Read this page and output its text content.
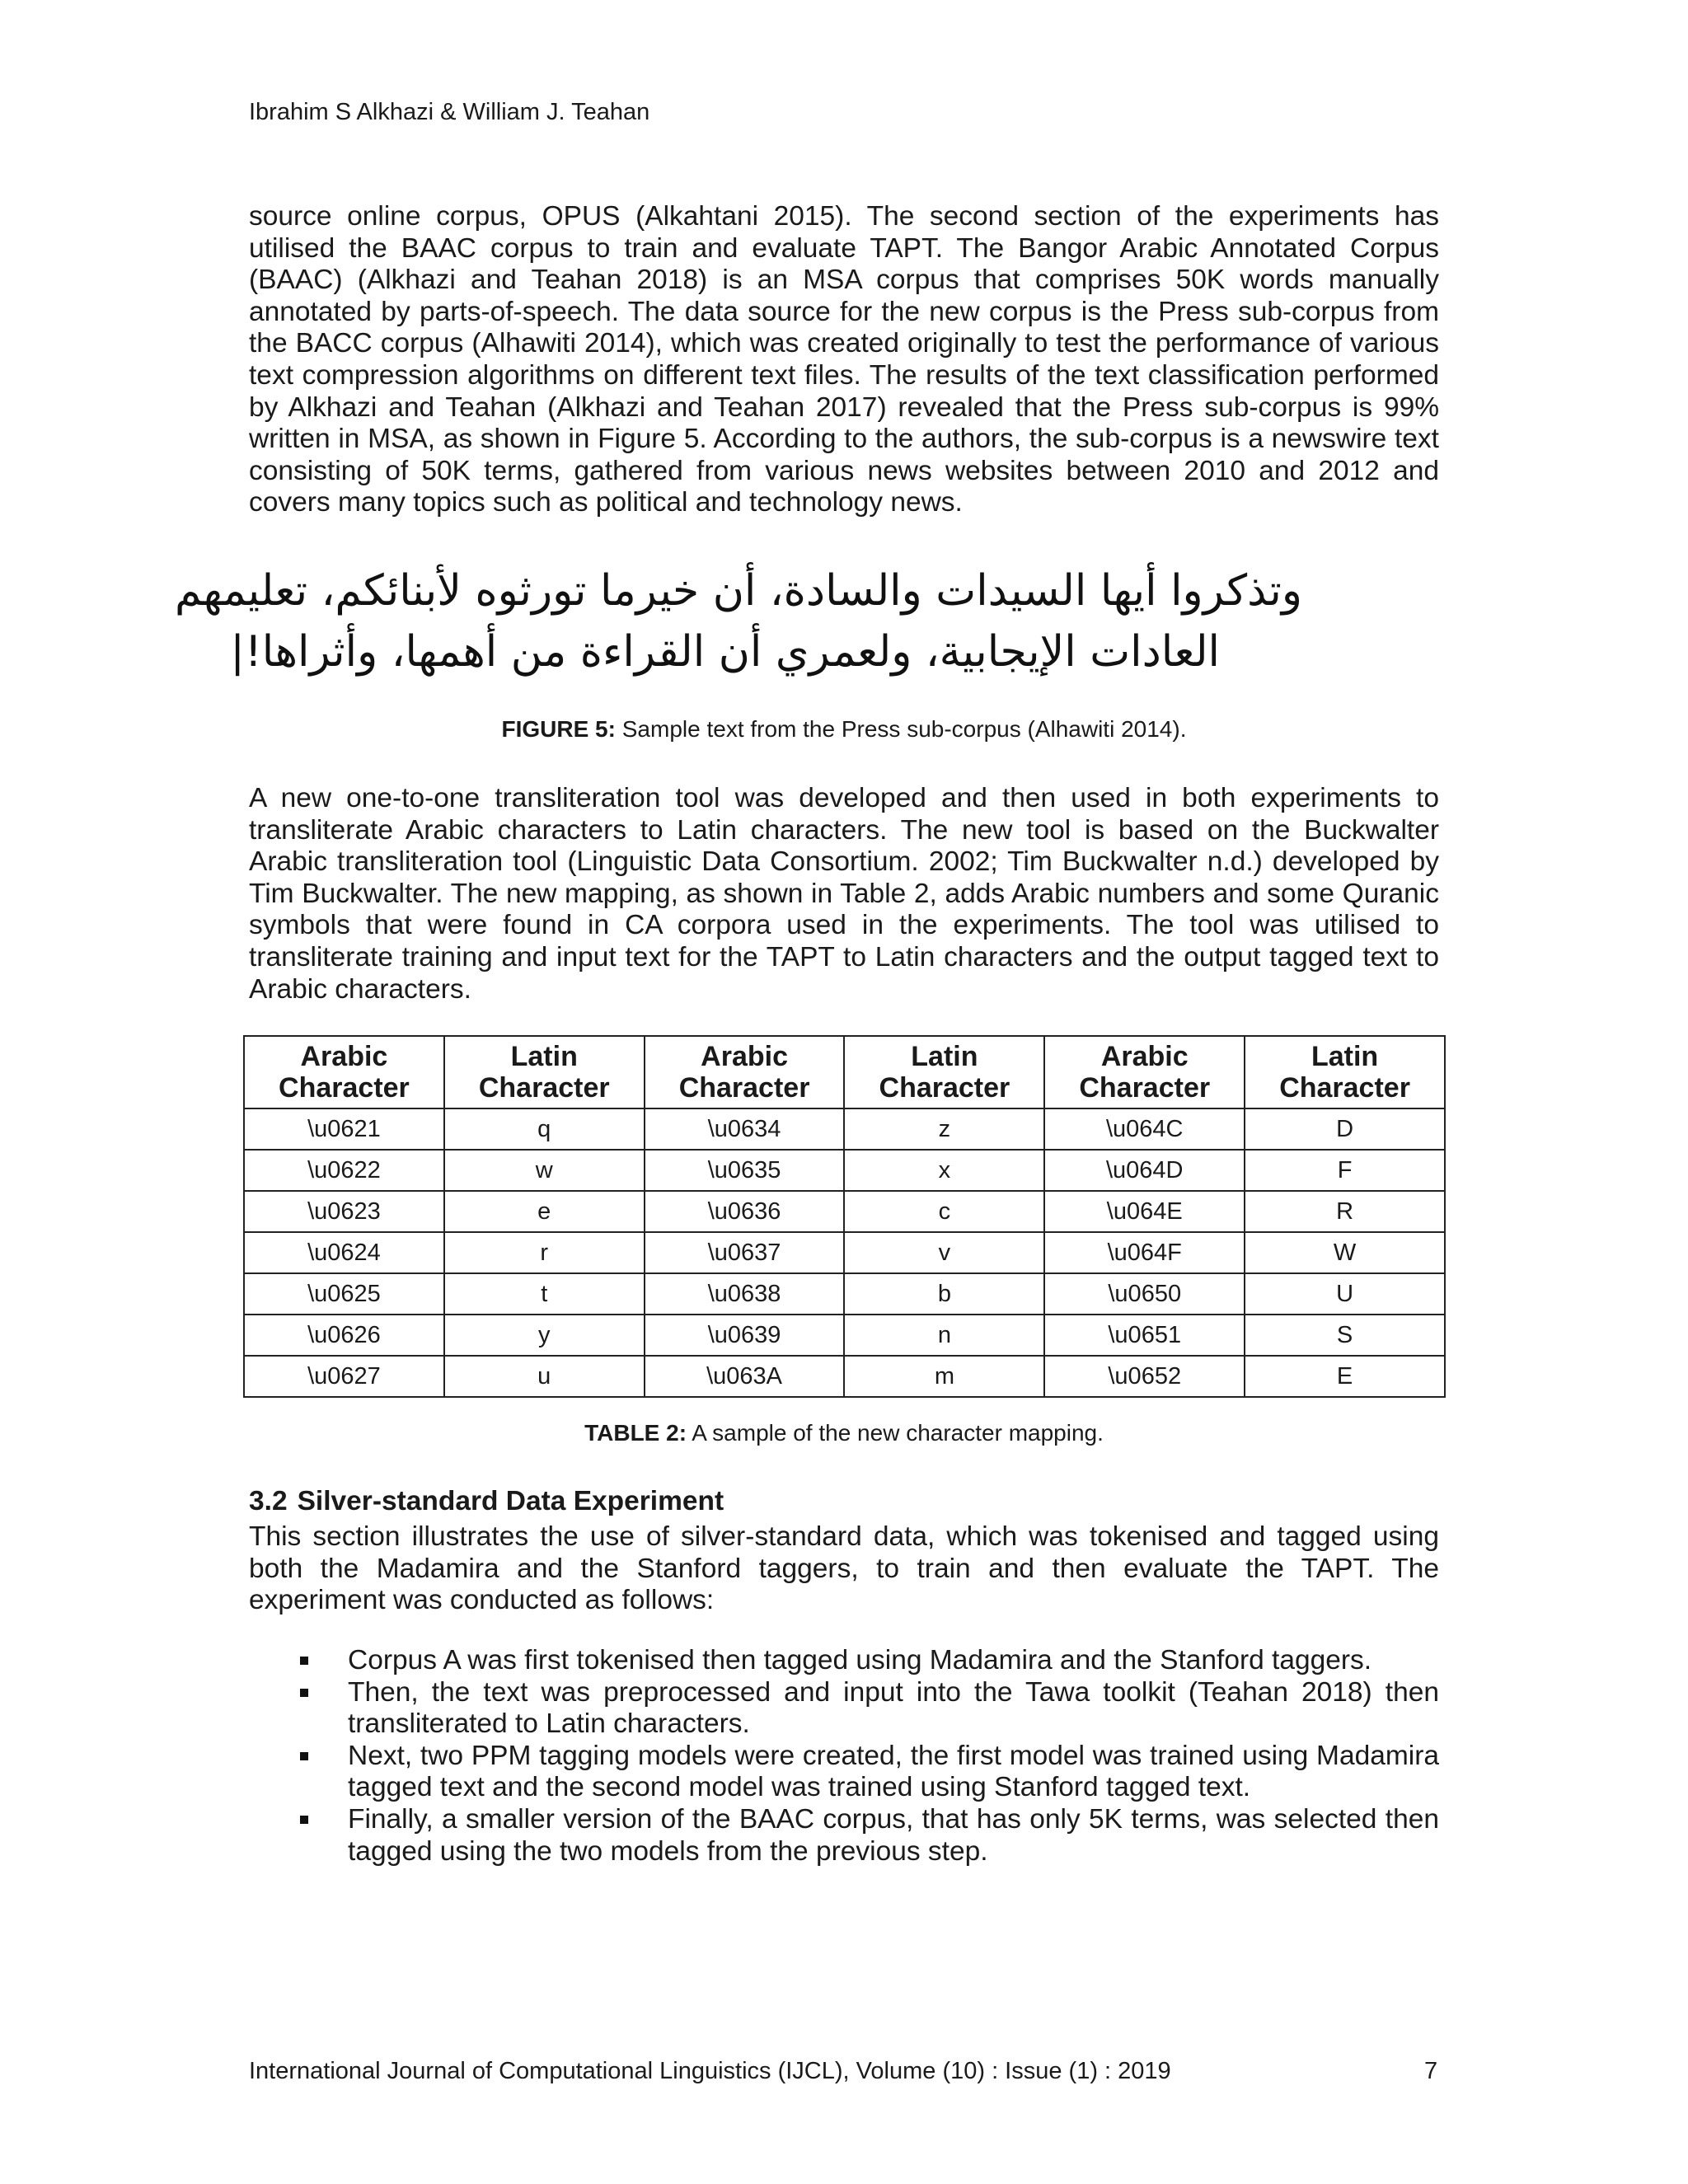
Ibrahim S Alkhazi & William J. Teahan

source online corpus, OPUS (Alkahtani 2015). The second section of the experiments has utilised the BAAC corpus to train and evaluate TAPT. The Bangor Arabic Annotated Corpus (BAAC) (Alkhazi and Teahan 2018) is an MSA corpus that comprises 50K words manually annotated by parts-of-speech. The data source for the new corpus is the Press sub-corpus from the BACC corpus (Alhawiti 2014), which was created originally to test the performance of various text compression algorithms on different text files. The results of the text classification performed by Alkhazi and Teahan (Alkhazi and Teahan 2017) revealed that the Press sub-corpus is 99% written in MSA, as shown in Figure 5. According to the authors, the sub-corpus is a newswire text consisting of 50K terms, gathered from various news websites between 2010 and 2012 and covers many topics such as political and technology news.

وتذكروا أيها السيدات والسادة، أن خيرما تورثوه لأبنائكم، تعليمهم
العادات الإيجابية، ولعمري أن القراءة من أهمها، وأثراها!|
FIGURE 5: Sample text from the Press sub-corpus (Alhawiti 2014).

A new one-to-one transliteration tool was developed and then used in both experiments to transliterate Arabic characters to Latin characters. The new tool is based on the Buckwalter Arabic transliteration tool (Linguistic Data Consortium. 2002; Tim Buckwalter n.d.) developed by Tim Buckwalter. The new mapping, as shown in Table 2, adds Arabic numbers and some Quranic symbols that were found in CA corpora used in the experiments. The tool was utilised to transliterate training and input text for the TAPT to Latin characters and the output tagged text to Arabic characters.

Arabic Character	Latin Character	Arabic Character	Latin Character	Arabic Character	Latin Character
\u0621	q	\u0634	z	\u064C	D
\u0622	w	\u0635	x	\u064D	F
\u0623	e	\u0636	c	\u064E	R
\u0624	r	\u0637	v	\u064F	W
\u0625	t	\u0638	b	\u0650	U
\u0626	y	\u0639	n	\u0651	S
\u0627	u	\u063A	m	\u0652	E
TABLE 2: A sample of the new character mapping.
3.2 Silver-standard Data Experiment

This section illustrates the use of silver-standard data, which was tokenised and tagged using both the Madamira and the Stanford taggers, to train and then evaluate the TAPT. The experiment was conducted as follows:

Corpus A was first tokenised then tagged using Madamira and the Stanford taggers.
Then, the text was preprocessed and input into the Tawa toolkit (Teahan 2018) then transliterated to Latin characters.
Next, two PPM tagging models were created, the first model was trained using Madamira tagged text and the second model was trained using Stanford tagged text.
Finally, a smaller version of the BAAC corpus, that has only 5K terms, was selected then tagged using the two models from the previous step.
International Journal of Computational Linguistics (IJCL), Volume (10) : Issue (1) : 2019	7
